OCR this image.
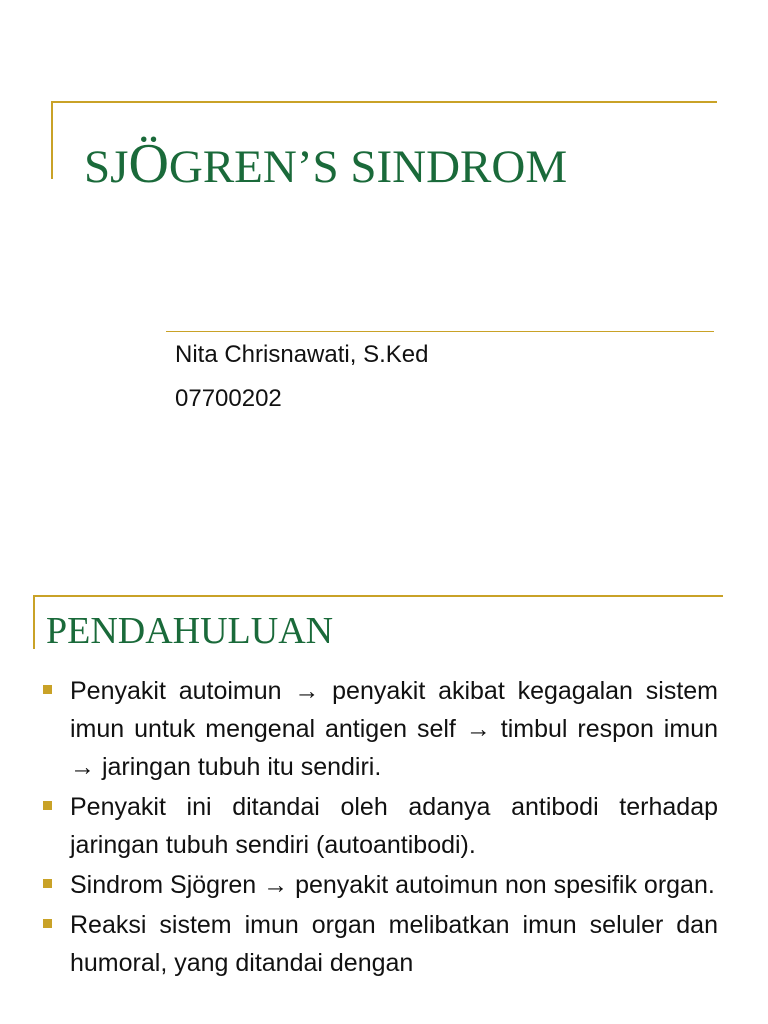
SJÖGREN’S SINDROM
Nita Chrisnawati, S.Ked
07700202
PENDAHULUAN
Penyakit autoimun → penyakit akibat kegagalan sistem imun untuk mengenal antigen self → timbul respon imun → jaringan tubuh itu sendiri.
Penyakit ini ditandai oleh adanya antibodi terhadap jaringan tubuh sendiri (autoantibodi).
Sindrom Sjögren → penyakit autoimun non spesifik organ.
Reaksi sistem imun organ melibatkan imun seluler dan humoral, yang ditandai dengan
